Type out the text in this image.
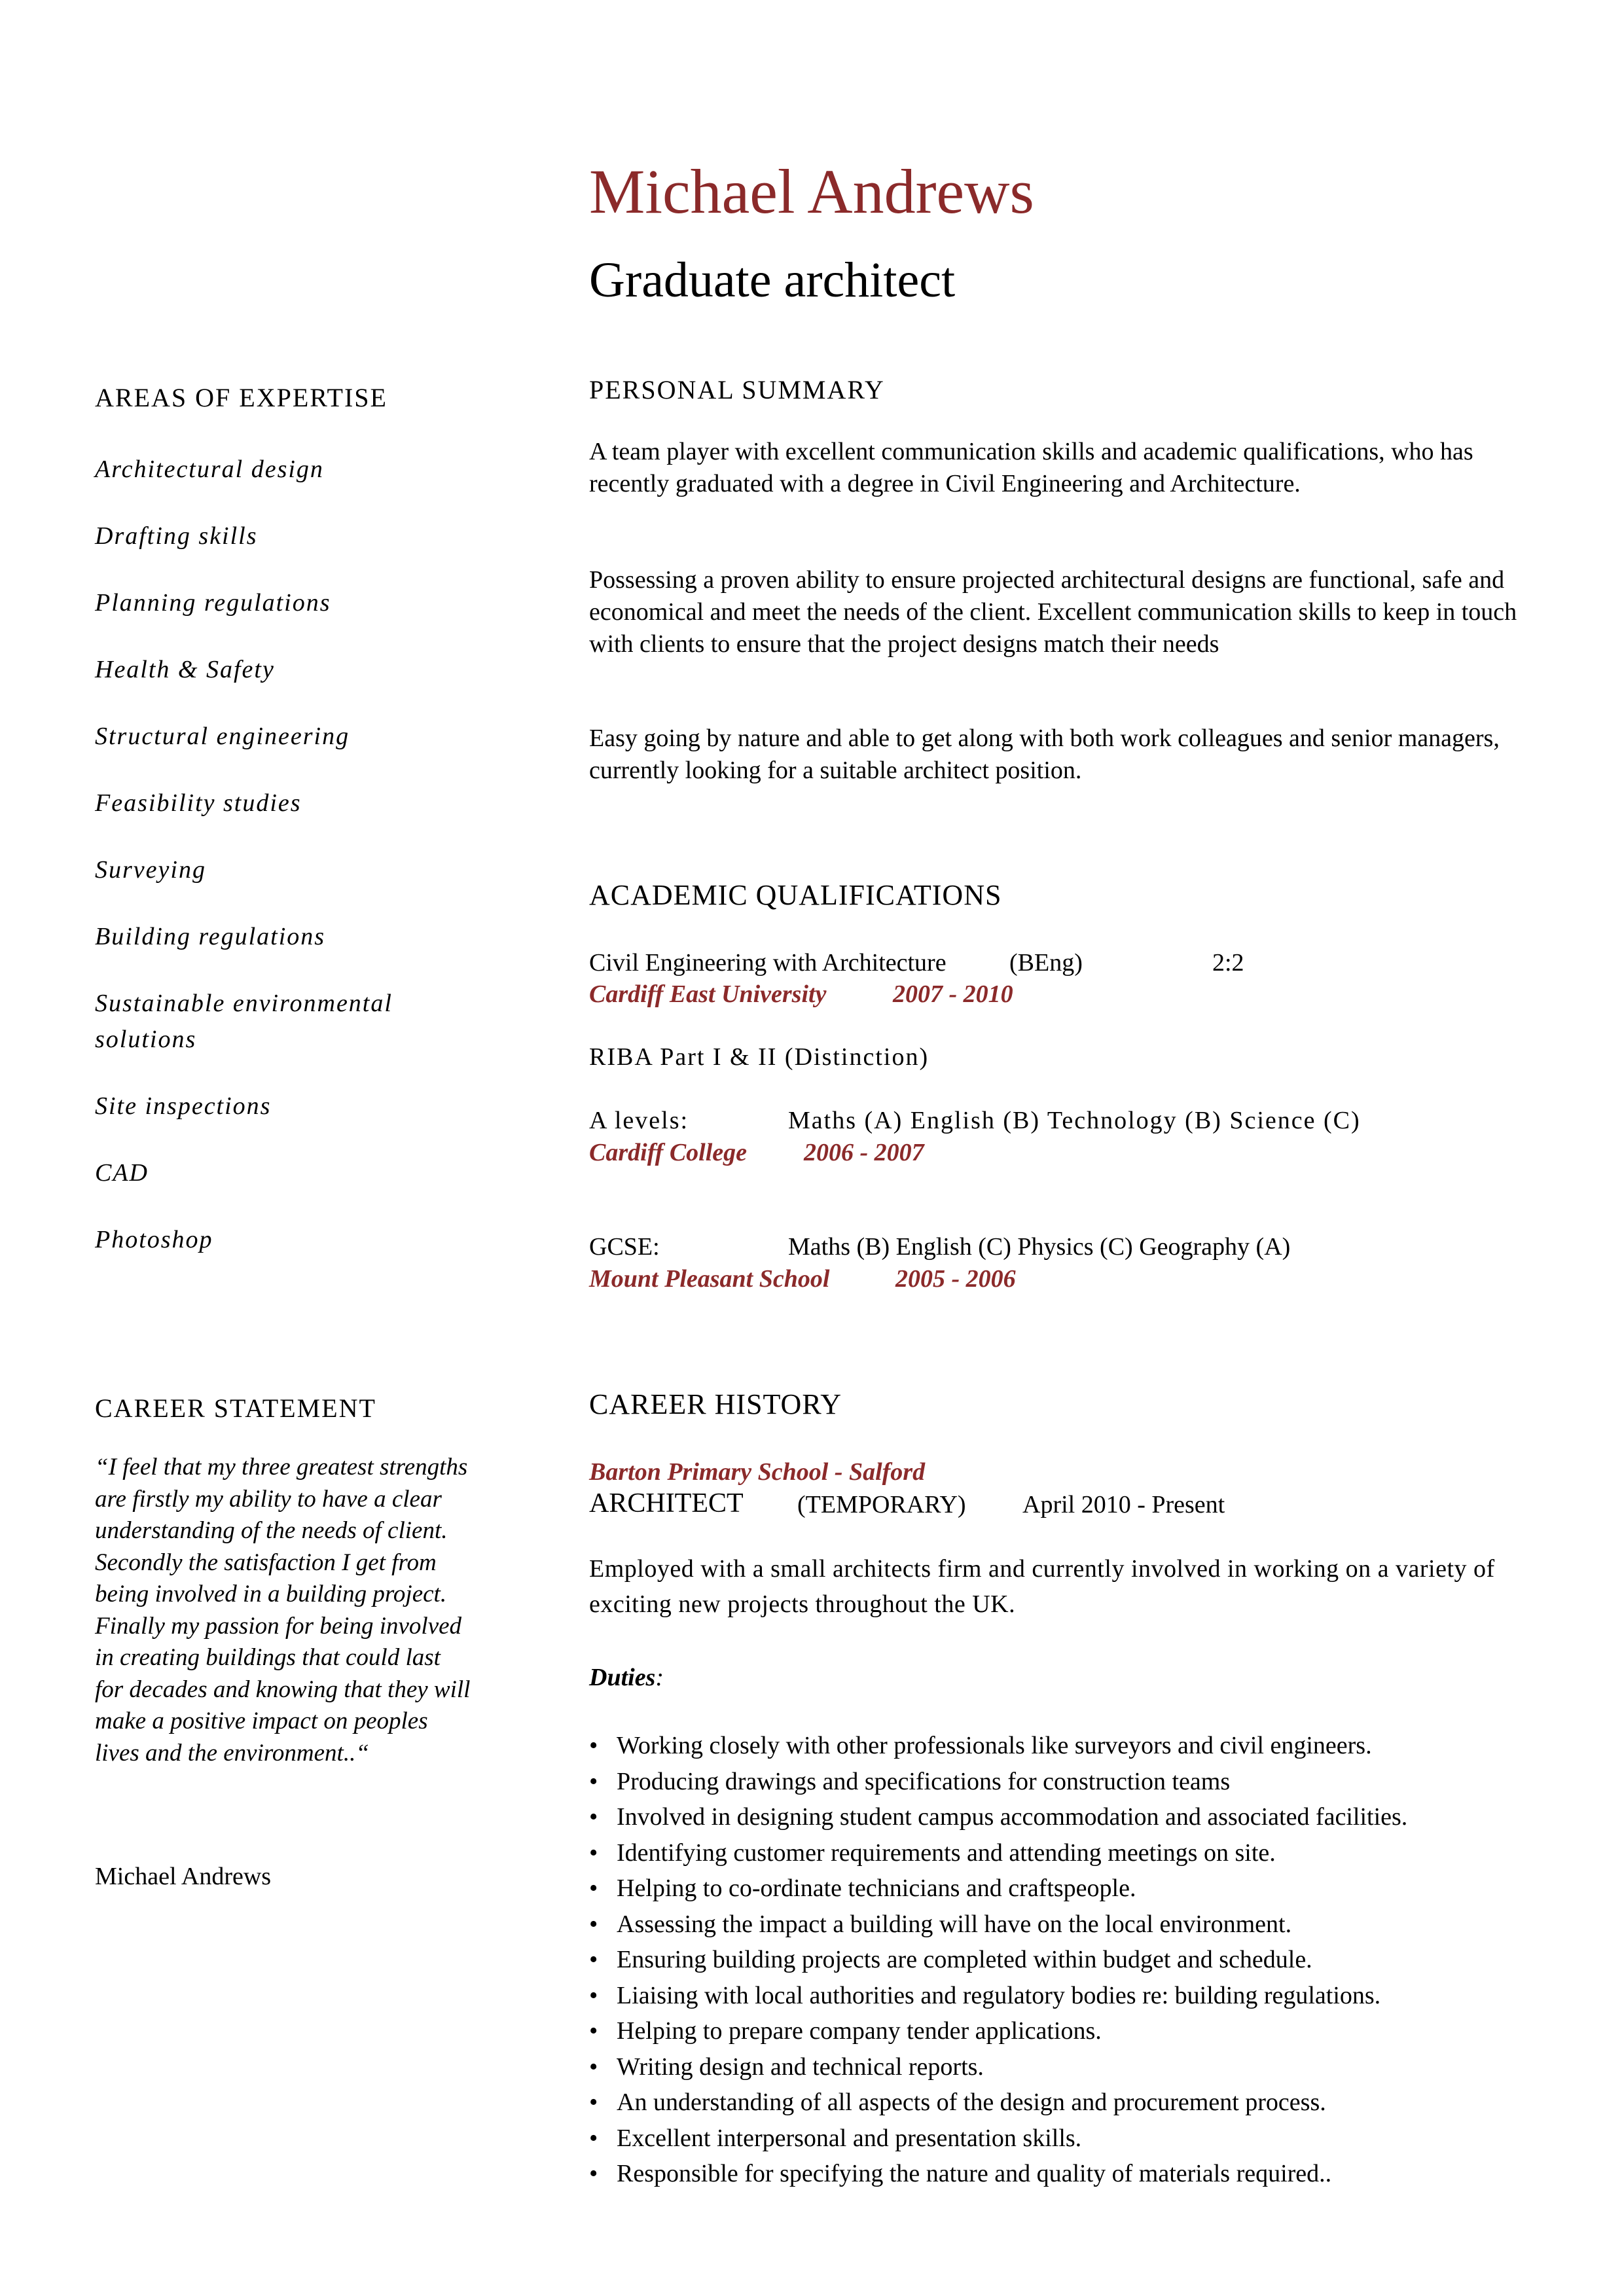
Michael Andrews
Graduate architect
AREAS OF EXPERTISE
Architectural design
Drafting skills
Planning regulations
Health & Safety
Structural engineering
Feasibility studies
Surveying
Building regulations
Sustainable environmental solutions
Site inspections
CAD
Photoshop
PERSONAL SUMMARY
A team player with excellent communication skills and academic qualifications, who has recently graduated with a degree in Civil Engineering and Architecture.
Possessing a proven ability to ensure projected architectural designs are functional, safe and economical and meet the needs of the client. Excellent communication skills to keep in touch with clients to ensure that the project designs match their needs
Easy going by nature and able to get along with both work colleagues and senior managers, currently looking for a suitable architect position.
ACADEMIC QUALIFICATIONS
Civil Engineering with Architecture	(BEng)	2:2
Cardiff East University	2007 - 2010
RIBA Part I & II (Distinction)
A levels:	Maths (A) English (B) Technology (B) Science (C)
Cardiff College 2006 - 2007
GCSE:	Maths (B) English (C) Physics (C) Geography (A)
Mount Pleasant School	2005 - 2006
CAREER STATEMENT

“I feel that my three greatest strengths are firstly my ability to have a clear understanding of the needs of client. Secondly the satisfaction I get from being involved in a building project. Finally my passion for being involved in creating buildings that could last for decades and knowing that they will make a positive impact on peoples lives and the environment..“

Michael Andrews
CAREER HISTORY
Barton Primary School - Salford
ARCHITECT (TEMPORARY) April 2010 - Present
Employed with a small architects firm and currently involved in working on a variety of exciting new projects throughout the UK.
Duties:
• Working closely with other professionals like surveyors and civil engineers.
• Producing drawings and specifications for construction teams
• Involved in designing student campus accommodation and associated facilities.
• Identifying customer requirements and attending meetings on site.
• Helping to co-ordinate technicians and craftspeople.
• Assessing the impact a building will have on the local environment.
• Ensuring building projects are completed within budget and schedule.
• Liaising with local authorities and regulatory bodies re: building regulations.
• Helping to prepare company tender applications.
• Writing design and technical reports.
• An understanding of all aspects of the design and procurement process.
• Excellent interpersonal and presentation skills.
• Responsible for specifying the nature and quality of materials required..
